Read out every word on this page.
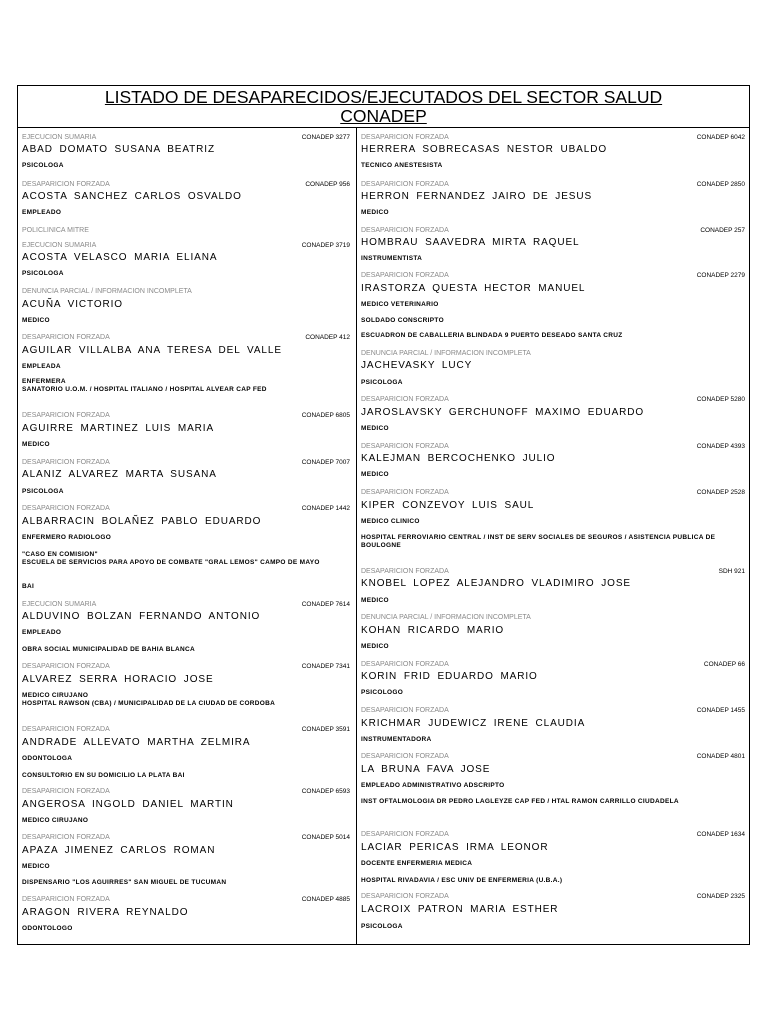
LISTADO DE DESAPARECIDOS/EJECUTADOS DEL SECTOR SALUD
CONADEP
EJECUCION SUMARIA	CONADEP 3277
ABAD DOMATO SUSANA BEATRIZ
PSICOLOGA
DESAPARICION FORZADA	CONADEP 956
ACOSTA SANCHEZ CARLOS OSVALDO
EMPLEADO
POLICLINICA MITRE
EJECUCION SUMARIA	CONADEP 3719
ACOSTA VELASCO MARIA ELIANA
PSICOLOGA
DENUNCIA PARCIAL / INFORMACION INCOMPLETA
ACUÑA VICTORIO
MEDICO
DESAPARICION FORZADA	CONADEP 412
AGUILAR VILLALBA ANA TERESA DEL VALLE
EMPLEADA
ENFERMERA
SANATORIO U.O.M. / HOSPITAL ITALIANO / HOSPITAL ALVEAR CAP FED
DESAPARICION FORZADA	CONADEP 6805
AGUIRRE MARTINEZ LUIS MARIA
MEDICO
DESAPARICION FORZADA	CONADEP 7007
ALANIZ ALVAREZ MARTA SUSANA
PSICOLOGA
DESAPARICION FORZADA	CONADEP 1442
ALBARRACIN BOLAÑEZ PABLO EDUARDO
ENFERMERO RADIOLOGO
"CASO EN COMISION"
ESCUELA DE SERVICIOS PARA APOYO DE COMBATE "GRAL LEMOS" CAMPO DE MAYO
BAI
EJECUCION SUMARIA	CONADEP 7614
ALDUVINO BOLZAN FERNANDO ANTONIO
EMPLEADO
OBRA SOCIAL MUNICIPALIDAD DE BAHIA BLANCA
DESAPARICION FORZADA	CONADEP 7341
ALVAREZ SERRA HORACIO JOSE
MEDICO CIRUJANO
HOSPITAL RAWSON (CBA) / MUNICIPALIDAD DE LA CIUDAD DE CORDOBA
DESAPARICION FORZADA	CONADEP 3591
ANDRADE ALLEVATO MARTHA ZELMIRA
ODONTOLOGA
CONSULTORIO EN SU DOMICILIO LA PLATA BAI
DESAPARICION FORZADA	CONADEP 6593
ANGEROSA INGOLD DANIEL MARTIN
MEDICO CIRUJANO
DESAPARICION FORZADA	CONADEP 5014
APAZA JIMENEZ CARLOS ROMAN
MEDICO
DISPENSARIO "LOS AGUIRRES" SAN MIGUEL DE TUCUMAN
DESAPARICION FORZADA	CONADEP 4885
ARAGON RIVERA REYNALDO
ODONTOLOGO
DESAPARICION FORZADA	CONADEP 6042
HERRERA SOBRECASAS NESTOR UBALDO
TECNICO ANESTESISTA
DESAPARICION FORZADA	CONADEP 2850
HERRON FERNANDEZ JAIRO DE JESUS
MEDICO
DESAPARICION FORZADA	CONADEP 257
HOMBRAU SAAVEDRA MIRTA RAQUEL
INSTRUMENTISTA
DESAPARICION FORZADA	CONADEP 2279
IRASTORZA QUESTA HECTOR MANUEL
MEDICO VETERINARIO
SOLDADO CONSCRIPTO
ESCUADRON DE CABALLERIA BLINDADA 9 PUERTO DESEADO SANTA CRUZ
DENUNCIA PARCIAL / INFORMACION INCOMPLETA
JACHEVASKY LUCY
PSICOLOGA
DESAPARICION FORZADA	CONADEP 5280
JAROSLAVSKY GERCHUNOFF MAXIMO EDUARDO
MEDICO
DESAPARICION FORZADA	CONADEP 4393
KALEJMAN BERCOCHENKO JULIO
MEDICO
DESAPARICION FORZADA	CONADEP 2528
KIPER CONZEVOY LUIS SAUL
MEDICO CLINICO
HOSPITAL FERROVIARIO CENTRAL / INST DE SERV SOCIALES DE SEGUROS / ASISTENCIA PUBLICA DE BOULOGNE
DESAPARICION FORZADA	SDH 921
KNOBEL LOPEZ ALEJANDRO VLADIMIRO JOSE
MEDICO
DENUNCIA PARCIAL / INFORMACION INCOMPLETA
KOHAN RICARDO MARIO
MEDICO
DESAPARICION FORZADA	CONADEP 66
KORIN FRID EDUARDO MARIO
PSICOLOGO
DESAPARICION FORZADA	CONADEP 1455
KRICHMAR JUDEWICZ IRENE CLAUDIA
INSTRUMENTADORA
DESAPARICION FORZADA	CONADEP 4801
LA BRUNA FAVA JOSE
EMPLEADO ADMINISTRATIVO ADSCRIPTO
INST OFTALMOLOGIA DR PEDRO LAGLEYZE CAP FED / HTAL RAMON CARRILLO CIUDADELA
DESAPARICION FORZADA	CONADEP 1634
LACIAR PERICAS IRMA LEONOR
DOCENTE ENFERMERIA MEDICA
HOSPITAL RIVADAVIA / ESC UNIV DE ENFERMERIA (U.B.A.)
DESAPARICION FORZADA	CONADEP 2325
LACROIX PATRON MARIA ESTHER
PSICOLOGA
